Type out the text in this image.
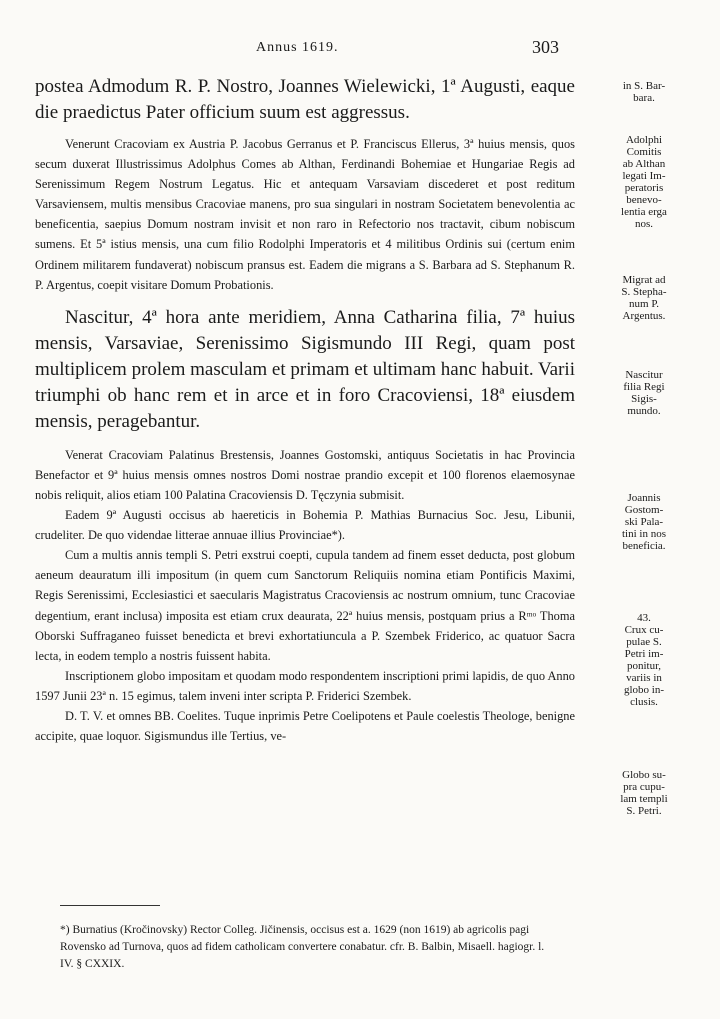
Annus 1619.	303

postea Admodum R. P. Nostro, Joannes Wielewicki, 1ª Augusti, eaque die praedictus Pater officium suum est aggressus.

Venerunt Cracoviam ex Austria P. Jacobus Gerranus et P. Franciscus Ellerus, 3ª huius mensis, quos secum duxerat Illustrissimus Adolphus Comes ab Althan, Ferdinandi Bohemiae et Hungariae Regis ad Serenissimum Regem Nostrum Legatus. Hic et antequam Varsaviam discederet et post reditum Varsaviensem, multis mensibus Cracoviae manens, pro sua singulari in nostram Societatem benevolentia ac beneficentia, saepius Domum nostram invisit et non raro in Refectorio nos tractavit, cibum nobiscum sumens. Et 5ª istius mensis, una cum filio Rodolphi Imperatoris et 4 militibus Ordinis sui (certum enim Ordinem militarem fundaverat) nobiscum pransus est. Eadem die migrans a S. Barbara ad S. Stephanum R. P. Argentus, coepit visitare Domum Probationis.

Nascitur, 4ª hora ante meridiem, Anna Catharina filia, 7ª huius mensis, Varsaviae, Serenissimo Sigismundo III Regi, quam post multiplicem prolem masculam et primam et ultimam hanc habuit. Varii triumphi ob hanc rem et in arce et in foro Cracoviensi, 18ª eiusdem mensis, peragebantur.

Venerat Cracoviam Palatinus Brestensis, Joannes Gostomski, antiquus Societatis in hac Provincia Benefactor et 9ª huius mensis omnes nostros Domi nostrae prandio excepit et 100 florenos elaemosynae nobis reliquit, alios etiam 100 Palatina Cracoviensis D. Tęczynia submisit.

Eadem 9ª Augusti occisus ab haereticis in Bohemia P. Mathias Burnacius Soc. Jesu, Libunii, crudeliter. De quo videndae litterae annuae illius Provinciae*).

Cum a multis annis templi S. Petri exstrui coepti, cupula tandem ad finem esset deducta, post globum aeneum deauratum illi impositum (in quem cum Sanctorum Reliquiis nomina etiam Pontificis Maximi, Regis Serenissimi, Ecclesiastici et saecularis Magistratus Cracoviensis ac nostrum omnium, tunc Cracoviae degentium, erant inclusa) imposita est etiam crux deaurata, 22ª huius mensis, postquam prius a Rᵐᵒ Thoma Oborski Suffraganeo fuisset benedicta et brevi exhortatiuncula a P. Szembek Friderico, ac quatuor Sacra lecta, in eodem templo a nostris fuissent habita.

Inscriptionem globo impositam et quodam modo respondentem inscriptioni primi lapidis, de quo Anno 1597 Junii 23ª n. 15 egimus, talem inveni inter scripta P. Friderici Szembek.

D. T. V. et omnes BB. Coelites. Tuque inprimis Petre Coelipotens et Paule coelestis Theologe, benigne accipite, quae loquor. Sigismundus ille Tertius, ve-

in S. Bar-
bara.
Adolphi
Comitis
ab Althan
legati Im-
peratoris
benevo-
lentia erga
nos.
Migrat ad
S. Stepha-
num P.
Argentus.
Nascitur
filia Regi
Sigis-
mundo.
Joannis
Gostom-
ski Pala-
tini in nos
beneficia.
43.
Crux cu-
pulae S.
Petri im-
ponitur,
variis in
globo in-
clusis.
Globo su-
pra cupu-
lam templi
S. Petri.

*) Burnatius (Kročinovsky) Rector Colleg. Jičinensis, occisus est a. 1629 (non 1619) ab agricolis pagi Rovensko ad Turnova, quos ad fidem catholicam convertere conabatur. cfr. B. Balbin, Misaell. hagiogr. l. IV. § CXXIX.
